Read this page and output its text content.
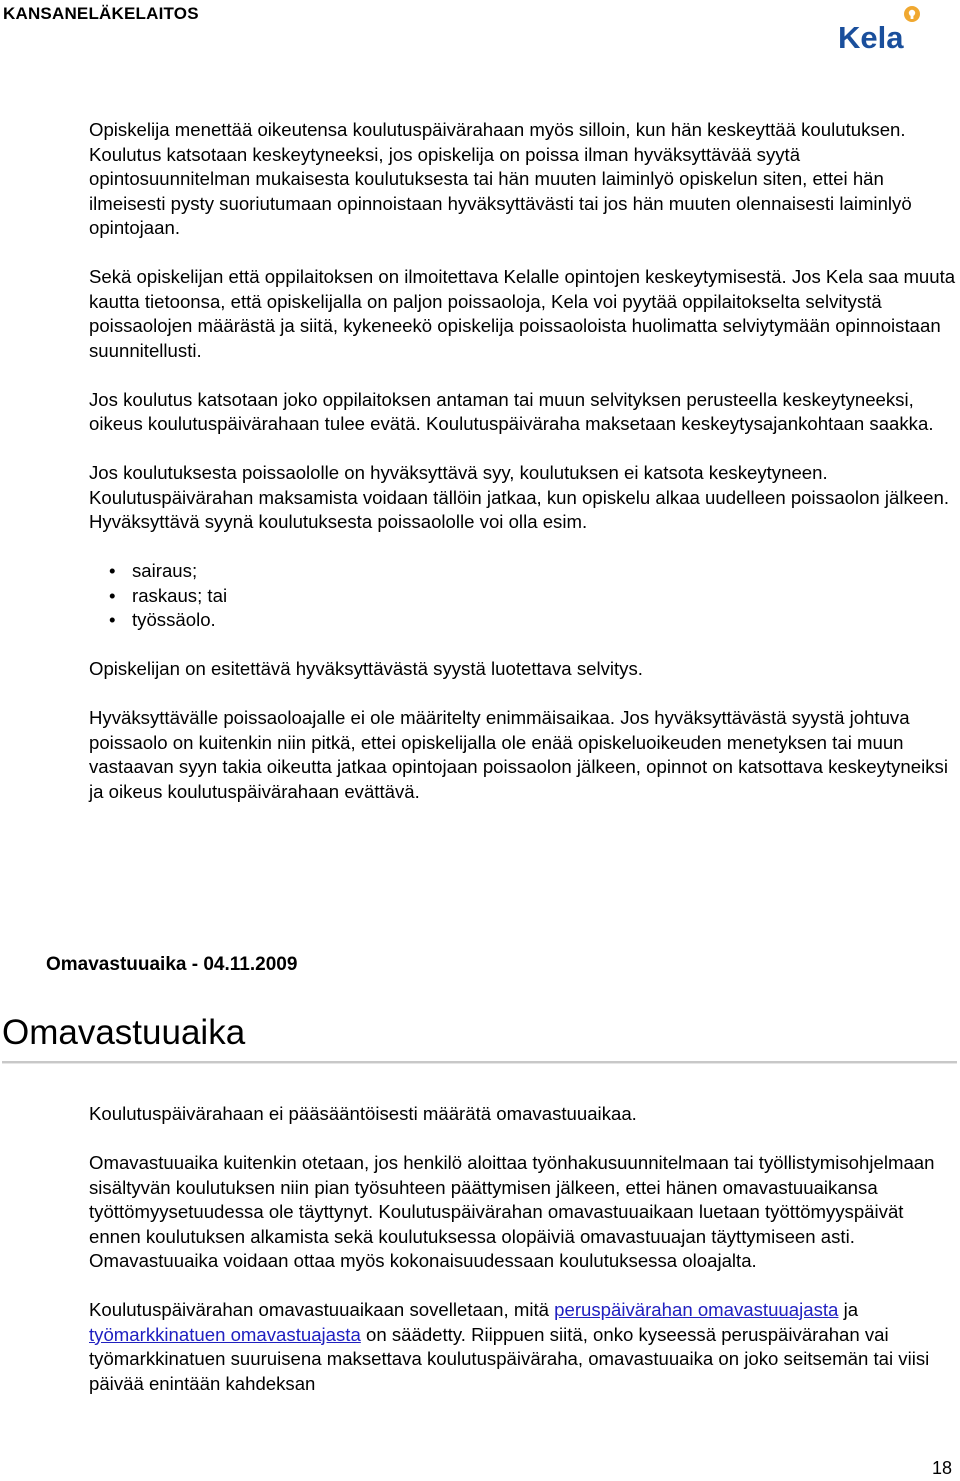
KANSANELÄKELAITOS
Kela

Opiskelija menettää oikeutensa koulutuspäivärahaan myös silloin, kun hän keskeyttää koulutuksen. Koulutus katsotaan keskeytyneeksi, jos opiskelija on poissa ilman hyväksyttävää syytä opintosuunnitelman mukaisesta koulutuksesta tai hän muuten laiminlyö opiskelun siten, ettei hän ilmeisesti pysty suoriutumaan opinnoistaan hyväksyttävästi tai jos hän muuten olennaisesti laiminlyö opintojaan.

Sekä opiskelijan että oppilaitoksen on ilmoitettava Kelalle opintojen keskeytymisestä. Jos Kela saa muuta kautta tietoonsa, että opiskelijalla on paljon poissaoloja, Kela voi pyytää oppilaitokselta selvitystä poissaolojen määrästä ja siitä, kykeneekö opiskelija poissaoloista huolimatta selviytymään opinnoistaan suunnitellusti.

Jos koulutus katsotaan joko oppilaitoksen antaman tai muun selvityksen perusteella keskeytyneeksi, oikeus koulutuspäivärahaan tulee evätä. Koulutuspäiväraha maksetaan keskeytysajankohtaan saakka.

Jos koulutuksesta poissaololle on hyväksyttävä syy, koulutuksen ei katsota keskeytyneen. Koulutuspäivärahan maksamista voidaan tällöin jatkaa, kun opiskelu alkaa uudelleen poissaolon jälkeen. Hyväksyttävä syynä koulutuksesta poissaololle voi olla esim.

• sairaus;
• raskaus; tai
• työssäolo.

Opiskelijan on esitettävä hyväksyttävästä syystä luotettava selvitys.

Hyväksyttävälle poissaoloajalle ei ole määritelty enimmäisaikaa. Jos hyväksyttävästä syystä johtuva poissaolo on kuitenkin niin pitkä, ettei opiskelijalla ole enää opiskeluoikeuden menetyksen tai muun vastaavan syyn takia oikeutta jatkaa opintojaan poissaolon jälkeen, opinnot on katsottava keskeytyneiksi ja oikeus koulutuspäivärahaan evättävä.

Omavastuuaika - 04.11.2009
Omavastuuaika

Koulutuspäivärahaan ei pääsääntöisesti määrätä omavastuuaikaa.

Omavastuuaika kuitenkin otetaan, jos henkilö aloittaa työnhakusuunnitelmaan tai työllistymisohjelmaan sisältyvän koulutuksen niin pian työsuhteen päättymisen jälkeen, ettei hänen omavastuuaikansa työttömyysetuudessa ole täyttynyt. Koulutuspäivärahan omavastuuaikaan luetaan työttömyyspäivät ennen koulutuksen alkamista sekä koulutuksessa olopäiviä omavastuuajan täyttymiseen asti. Omavastuuaika voidaan ottaa myös kokonaisuudessaan koulutuksessa oloajalta.

Koulutuspäivärahan omavastuuaikaan sovelletaan, mitä peruspäivärahan omavastuuajasta ja työmarkkinatuen omavastuajasta on säädetty. Riippuen siitä, onko kyseessä peruspäivärahan vai työmarkkinatuen suuruisena maksettava koulutuspäiväraha, omavastuuaika on joko seitsemän tai viisi päivää enintään kahdeksan

18
